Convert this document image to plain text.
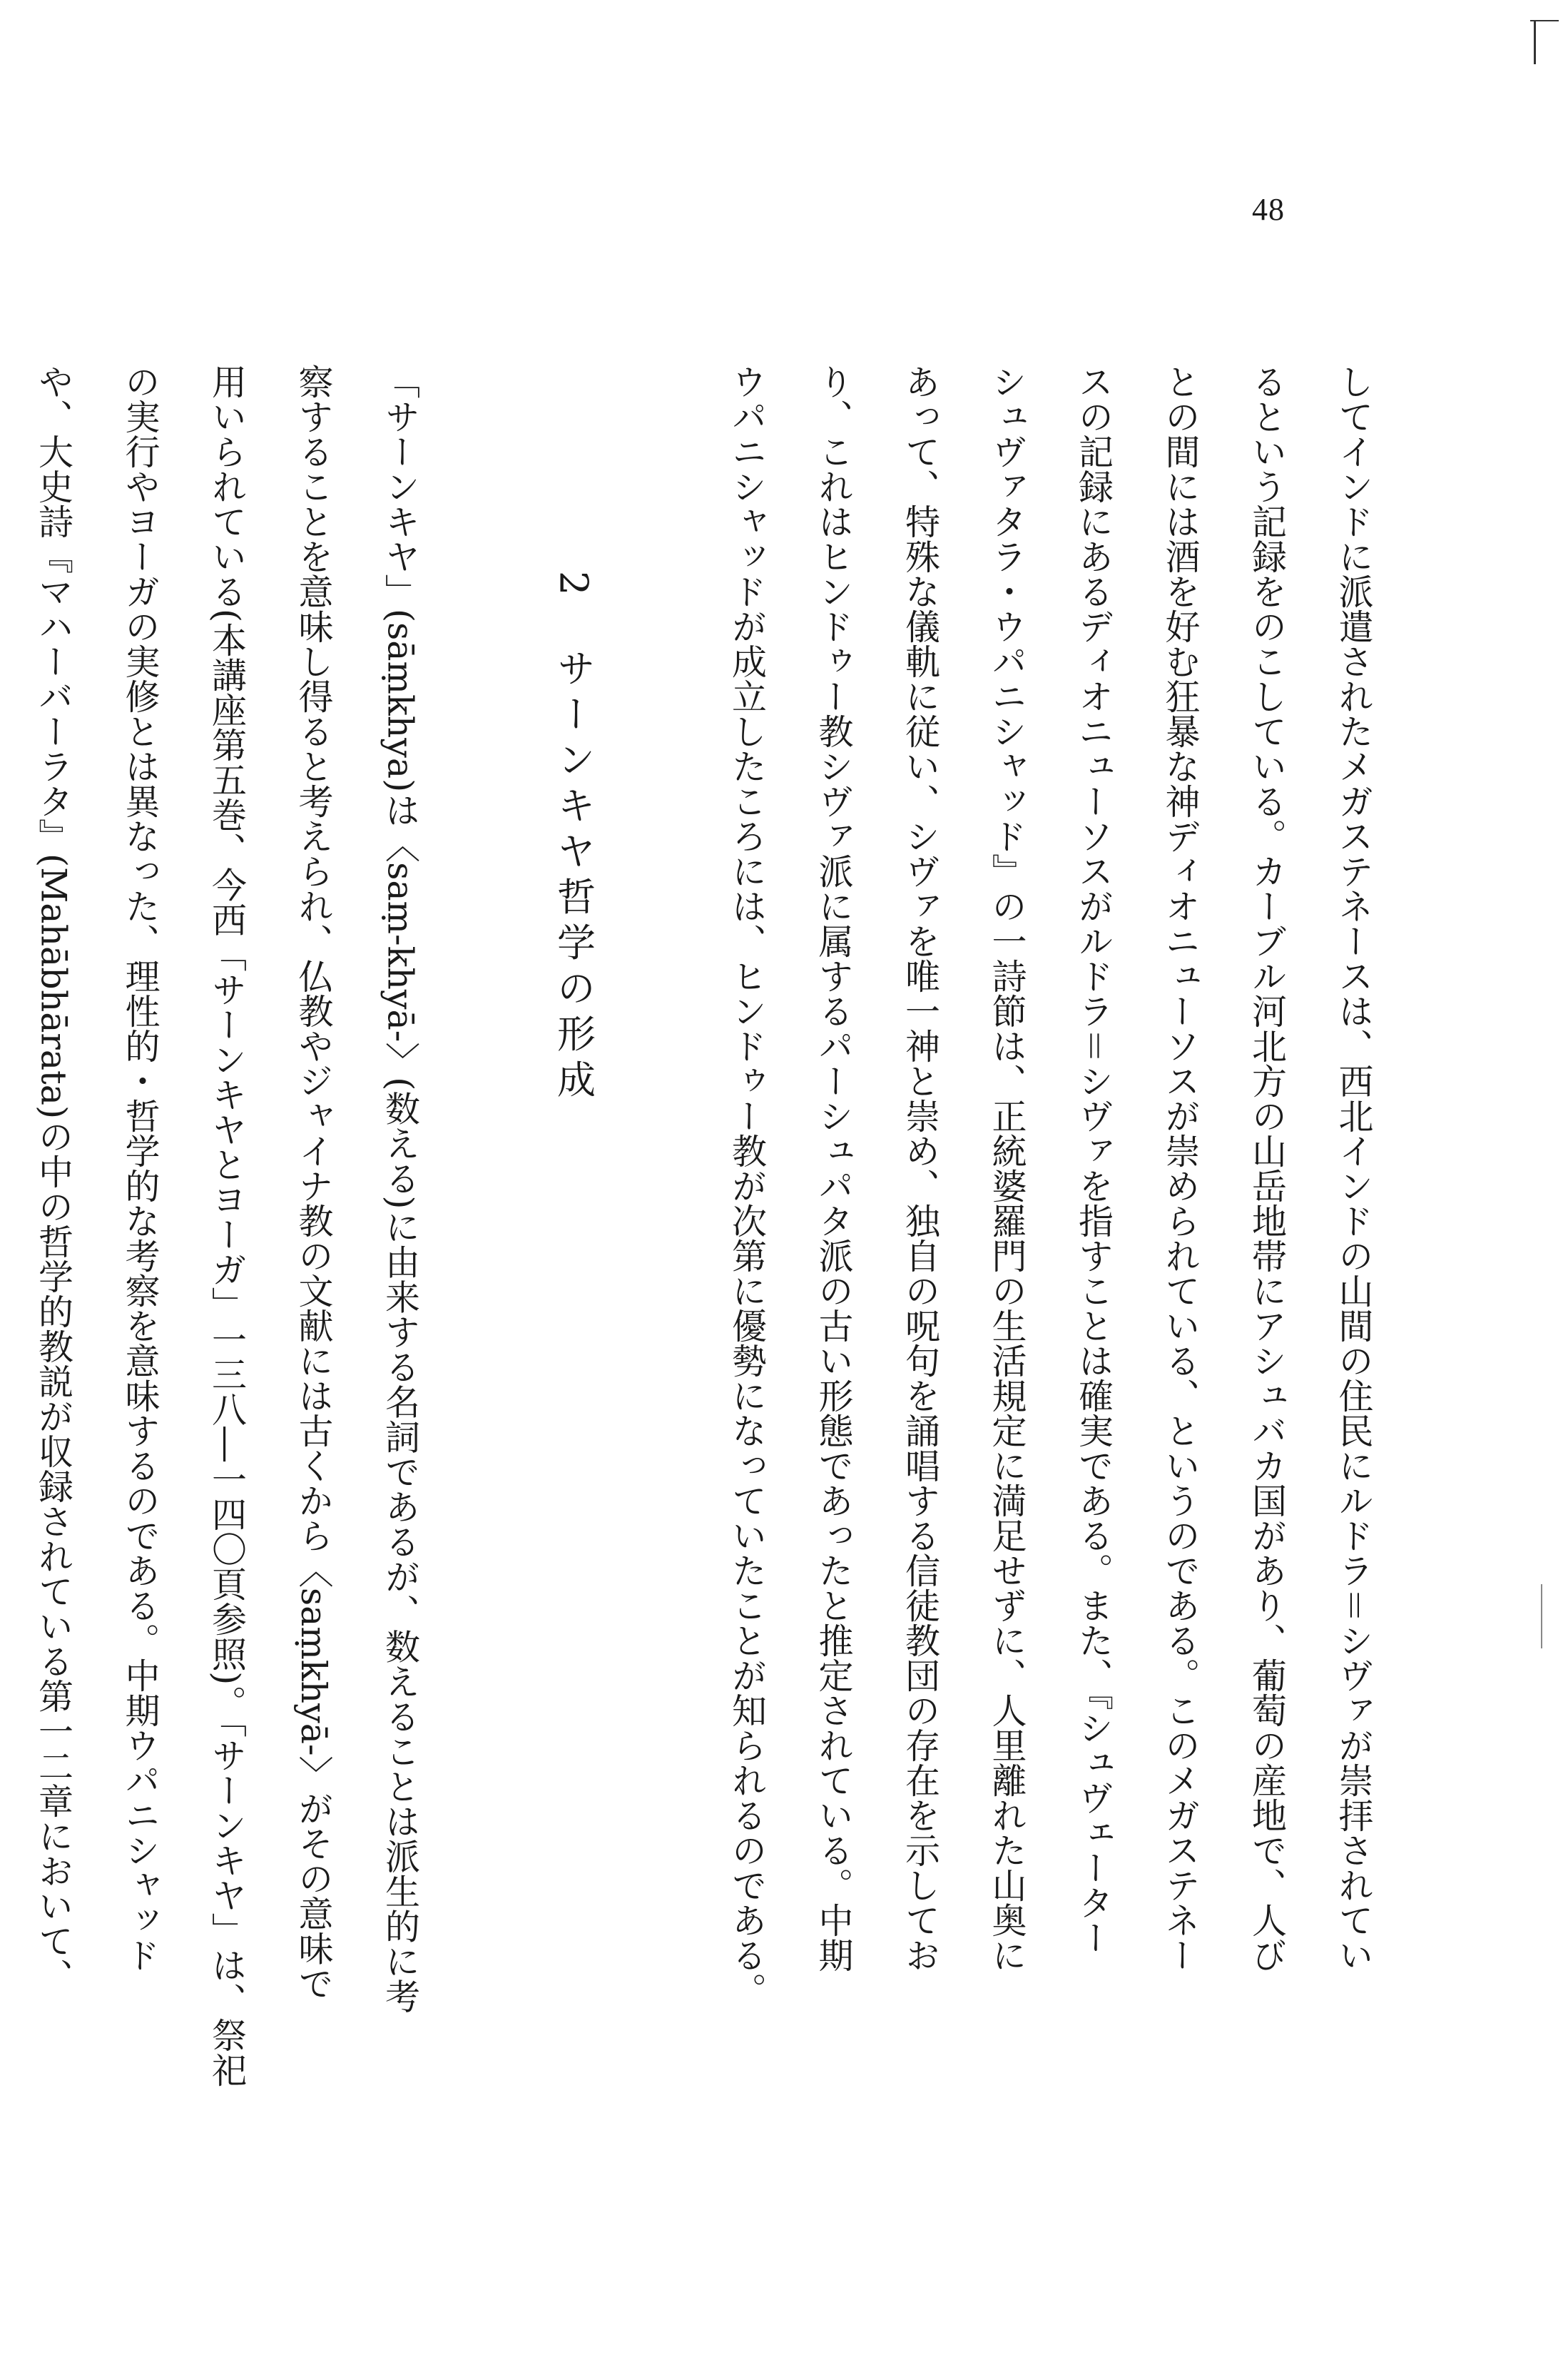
48
してインドに派遣されたメガステネースは、西北インドの山間の住民にルドラ＝シヴァが崇拝されてい
るという記録をのこしている。カーブル河北方の山岳地帯にアシュバカ国があり、葡萄の産地で、人び
との間には酒を好む狂暴な神ディオニューソスが崇められている、というのである。このメガステネー
スの記録にあるディオニューソスがルドラ＝シヴァを指すことは確実である。また、『シュヴェーター
シュヴァタラ・ウパニシャッド』の一詩節は、正統婆羅門の生活規定に満足せずに、人里離れた山奥に
あって、特殊な儀軌に従い、シヴァを唯一神と崇め、独自の呪句を誦唱する信徒教団の存在を示してお
り、これはヒンドゥー教シヴァ派に属するパーシュパタ派の古い形態であったと推定されている。中期
ウパニシャッドが成立したころには、ヒンドゥー教が次第に優勢になっていたことが知られるのである。
2　サーンキヤ哲学の形成
「サーンキヤ」(sāṃkhya)は〈saṃ-khyā-〉(数える)に由来する名詞であるが、数えることは派生的に考
察することを意味し得ると考えられ、仏教やジャイナ教の文献には古くから〈saṃkhyā-〉がその意味で
用いられている(本講座第五巻、今西「サーンキヤとヨーガ」一三八―一四〇頁参照)。「サーンキヤ」は、祭祀
の実行やヨーガの実修とは異なった、理性的・哲学的な考察を意味するのである。中期ウパニシャッド
や、大史詩『マハーバーラタ』(Mahābhārata)の中の哲学的教説が収録されている第一二章において、
